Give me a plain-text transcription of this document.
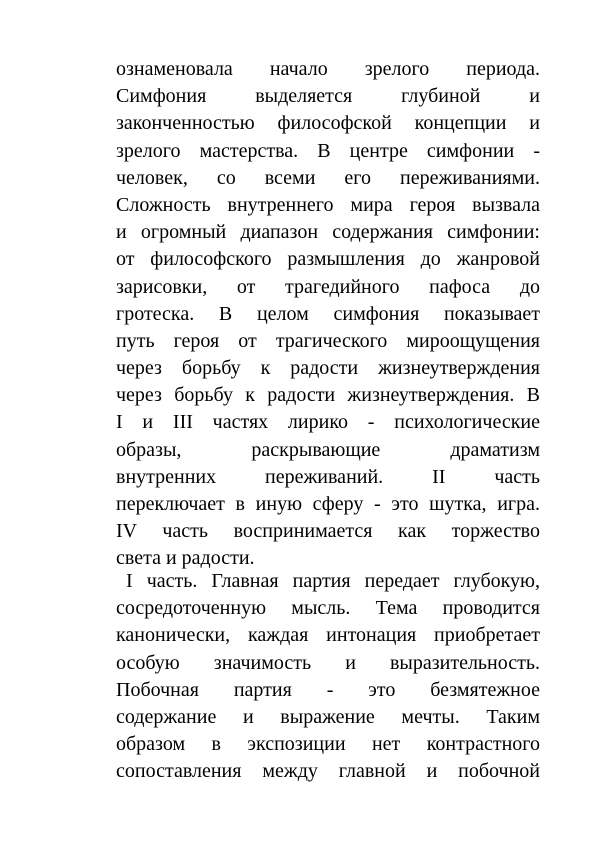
ознаменовала начало зрелого периода.
Симфония выделяется глубиной и
законченностью философской концепции и
зрелого мастерства. В центре симфонии -
человек, со всеми его переживаниями.
Сложность внутреннего мира героя вызвала
и огромный диапазон содержания симфонии:
от философского размышления до жанровой
зарисовки, от трагедийного пафоса до
гротеска. В целом симфония показывает
путь героя от трагического мироощущения
через борьбу к радости жизнеутверждения
через борьбу к радости жизнеутверждения. В
I и III частях лирико - психологические
образы, раскрывающие драматизм
внутренних переживаний. II часть
переключает в иную сферу - это шутка, игра.
IV часть воспринимается как торжество
света и радости.
I часть. Главная партия передает глубокую,
сосредоточенную мысль. Тема проводится
канонически, каждая интонация приобретает
особую значимость и выразительность.
Побочная партия - это безмятежное
содержание и выражение мечты. Таким
образом в экспозиции нет контрастного
сопоставления между главной и побочной
